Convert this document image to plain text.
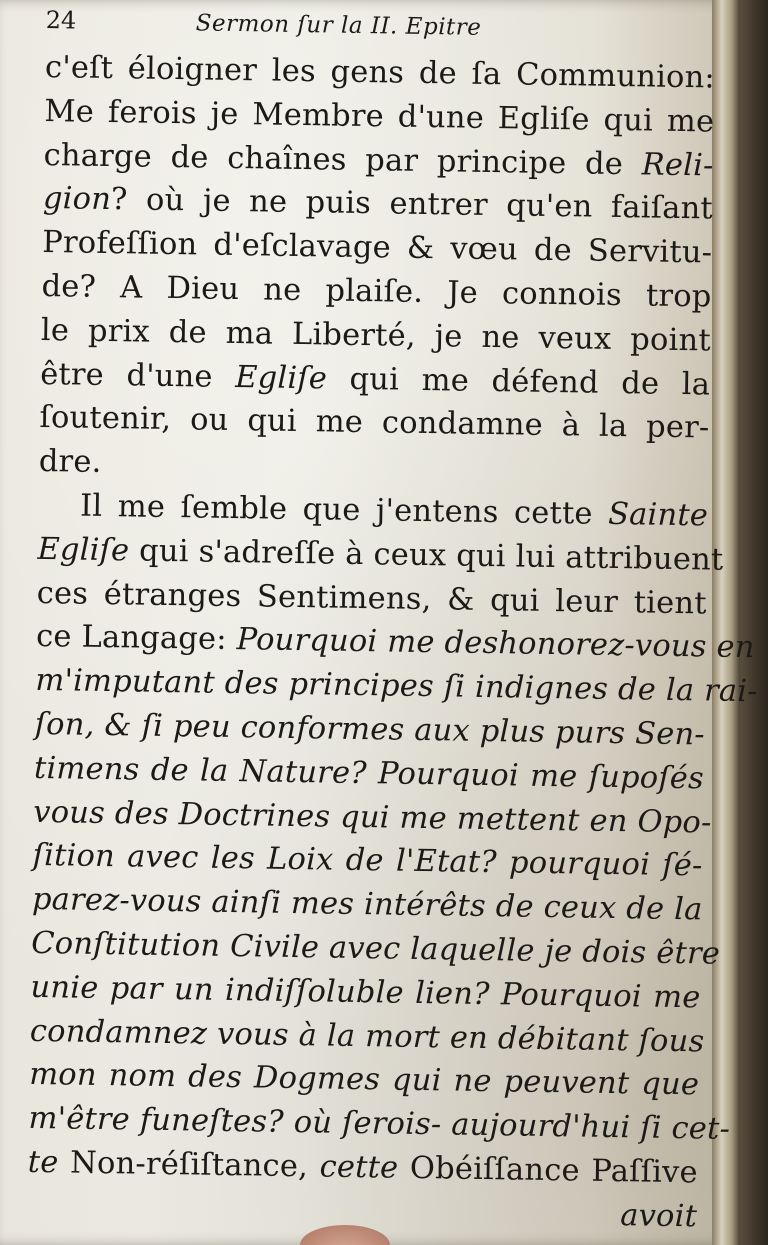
24	Sermon ſur la II. Epitre
c'eſt éloigner les gens de ſa Communion:
Me ferois je Membre d'une Egliſe qui me
charge de chaînes par principe de Reli-
gion? où je ne puis entrer qu'en faiſant
Profeſſion d'eſclavage & vœu de Servitu-
de? A Dieu ne plaiſe. Je connois trop
le prix de ma Liberté, je ne veux point
être d'une Egliſe qui me défend de la
ſoutenir, ou qui me condamne à la per-
dre.
Il me ſemble que j'entens cette Sainte
Egliſe qui s'adreſſe à ceux qui lui attribuent
ces étranges Sentimens, & qui leur tient
ce Langage: Pourquoi me deshonorez-vous en
m'imputant des principes ſi indignes de la rai-
ſon, & ſi peu conformes aux plus purs Sen-
timens de la Nature? Pourquoi me ſupoſés
vous des Doctrines qui me mettent en Opo-
ſition avec les Loix de l'Etat? pourquoi ſé-
parez-vous ainſi mes intérêts de ceux de la
Conſtitution Civile avec laquelle je dois être
unie par un indiſſoluble lien? Pourquoi me
condamnez vous à la mort en débitant ſous
mon nom des Dogmes qui ne peuvent que
m'être funeſtes? où ſerois- aujourd'hui ſi cet-
te Non-réſiſtance, cette Obéiſſance Paſſive
avoit
